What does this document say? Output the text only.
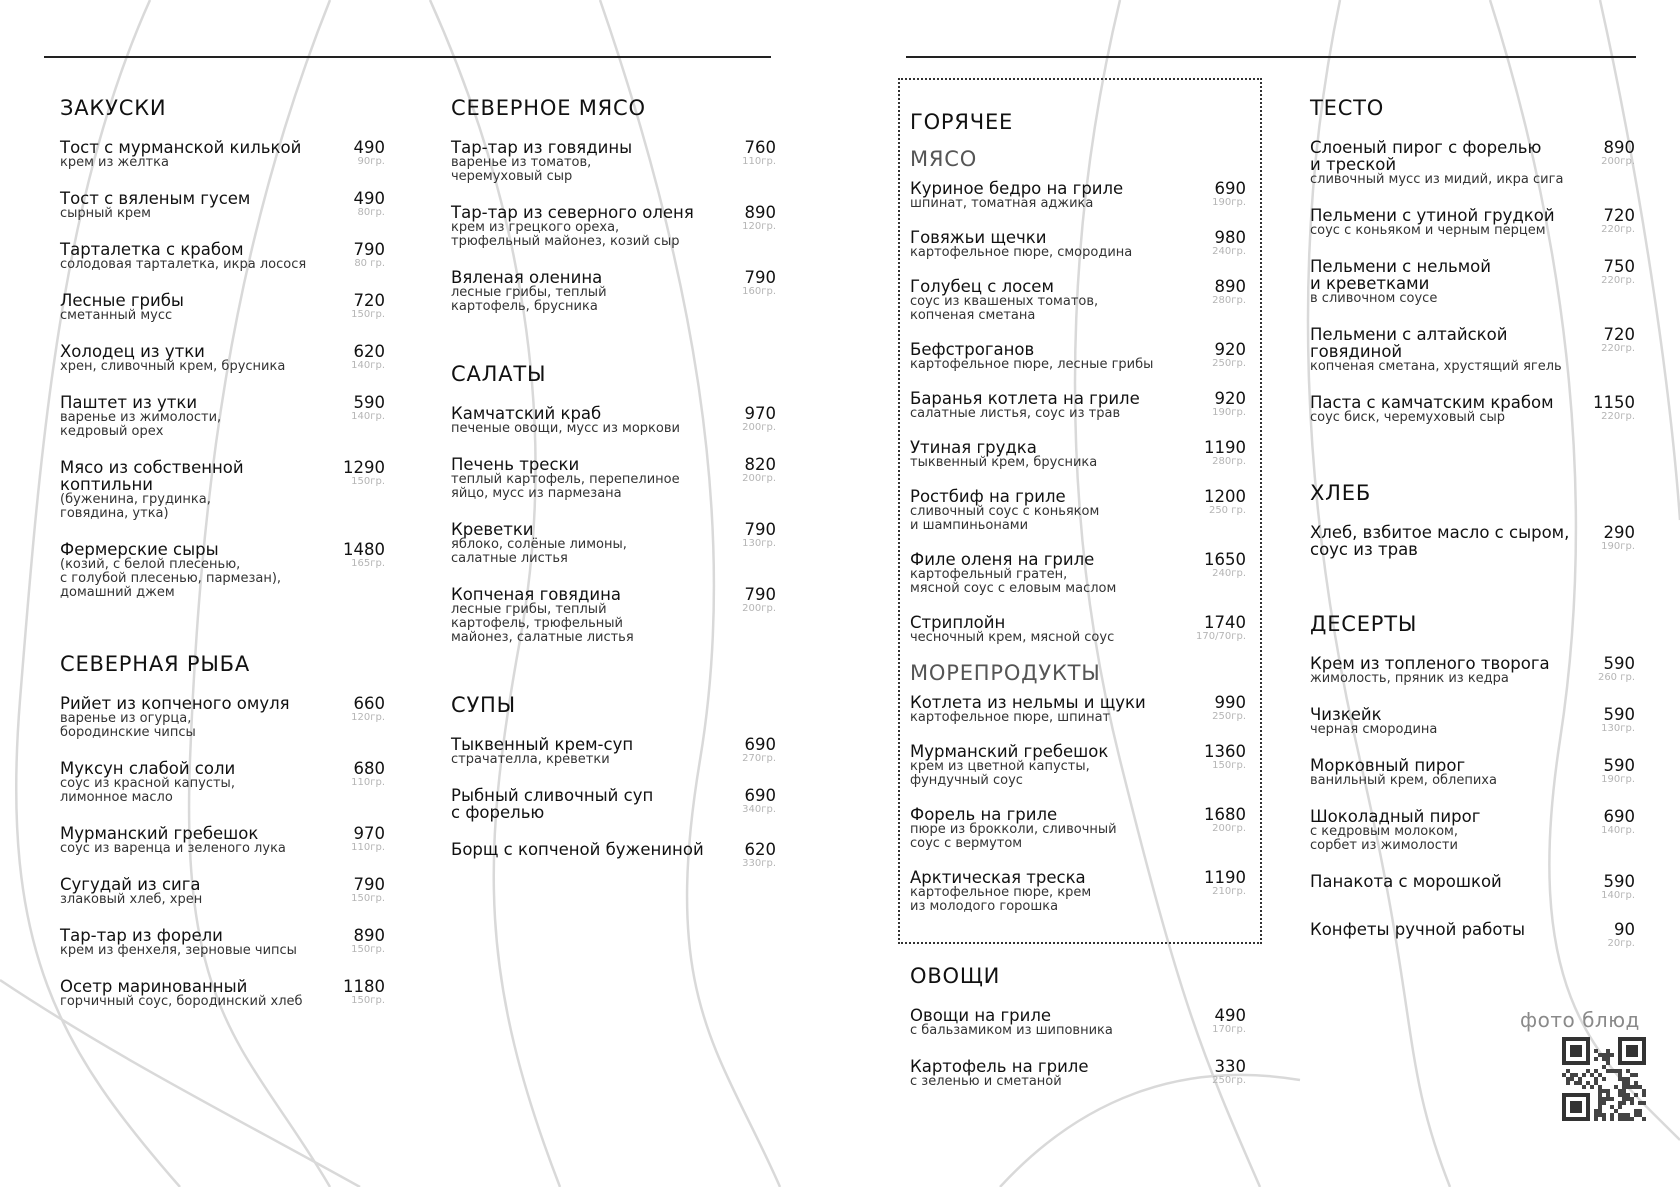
ЗАКУСКИ
Тост с мурманской килькой
крем из желтка
490
90гр.
Тост с вяленым гусем
сырный крем
490
80гр.
Тарталетка с крабом
солодовая тарталетка, икра лосося
790
80 гр.
Лесные грибы
сметанный мусс
720
150гр.
Холодец из утки
хрен, сливочный крем, брусника
620
140гр.
Паштет из утки
варенье из жимолости,
кедровый орех
590
140гр.
Мясо из собственной
коптильни
(буженина, грудинка,
говядина, утка)
1290
150гр.
Фермерские сыры
(козий, с белой плесенью,
с голубой плесенью, пармезан),
домашний джем
1480
165гр.
СЕВЕРНАЯ РЫБА
Рийет из копченого омуля
варенье из огурца,
бородинские чипсы
660
120гр.
Муксун слабой соли
соус из красной капусты,
лимонное масло
680
110гр.
Мурманский гребешок
соус из варенца и зеленого лука
970
110гр.
Сугудай из сига
злаковый хлеб, хрен
790
150гр.
Тар-тар из форели
крем из фенхеля, зерновые чипсы
890
150гр.
Осетр маринованный
горчичный соус, бородинский хлеб
1180
150гр.
СЕВЕРНОЕ МЯСО
Тар-тар из говядины
варенье из томатов,
черемуховый сыр
760
110гр.
Тар-тар из северного оленя
крем из грецкого ореха,
трюфельный майонез, козий сыр
890
120гр.
Вяленая оленина
лесные грибы, теплый
картофель, брусника
790
160гр.
САЛАТЫ
Камчатский краб
печеные овощи, мусс из моркови
970
200гр.
Печень трески
теплый картофель, перепелиное
яйцо, мусс из пармезана
820
200гр.
Креветки
яблоко, солёные лимоны,
салатные листья
790
130гр.
Копченая говядина
лесные грибы, теплый
картофель, трюфельный
майонез, салатные листья
790
200гр.
СУПЫ
Тыквенный крем-суп
страчателла, креветки
690
270гр.
Рыбный сливочный суп
с форелью
690
340гр.
Борщ с копченой бужениной	620
330гр.
ГОРЯЧЕЕ
МЯСО
Куриное бедро на гриле
шпинат, томатная аджика
690
190гр.
Говяжьи щечки
картофельное пюре, смородина
980
240гр.
Голубец с лосем
соус из квашеных томатов,
копченая сметана
890
280гр.
Бефстроганов
картофельное пюре, лесные грибы
920
250гр.
Баранья котлета на гриле
салатные листья, соус из трав
920
190гр.
Утиная грудка
тыквенный крем, брусника
1190
280гр.
Ростбиф на гриле
сливочный соус с коньяком
и шампиньонами
1200
250 гр.
Филе оленя на гриле
картофельный гратен,
мясной соус с еловым маслом
1650
240гр.
Стриплойн
чесночный крем, мясной соус
1740
170/70гр.
МОРЕПРОДУКТЫ
Котлета из нельмы и щуки
картофельное пюре, шпинат
990
250гр.
Мурманский гребешок
крем из цветной капусты,
фундучный соус
1360
150гр.
Форель на гриле
пюре из брокколи, сливочный
соус с вермутом
1680
200гр.
Арктическая треска
картофельное пюре, крем
из молодого горошка
1190
210гр.
ОВОЩИ
Овощи на гриле
с бальзамиком из шиповника
490
170гр.
Картофель на гриле
с зеленью и сметаной
330
250гр.
ТЕСТО
Слоеный пирог с форелью
и треской
сливочный мусс из мидий, икра сига
890
200гр.
Пельмени с утиной грудкой
соус с коньяком и черным перцем
720
220гр.
Пельмени с нельмой
и креветками
в сливочном соусе
750
220гр.
Пельмени с алтайской
говядиной
копченая сметана, хрустящий ягель
720
220гр.
Паста с камчатским крабом
соус биск, черемуховый сыр
1150
220гр.
ХЛЕБ
Хлеб, взбитое масло с сыром,
соус из трав
290
190гр.
ДЕСЕРТЫ
Крем из топленого творога
жимолость, пряник из кедра
590
260 гр.
Чизкейк
черная смородина
590
130гр.
Морковный пирог
ванильный крем, облепиха
590
190гр.
Шоколадный пирог
с кедровым молоком,
сорбет из жимолости
690
140гр.
Панакота с морошкой	590
140гр.
Конфеты ручной работы	90
20гр.
фото блюд
